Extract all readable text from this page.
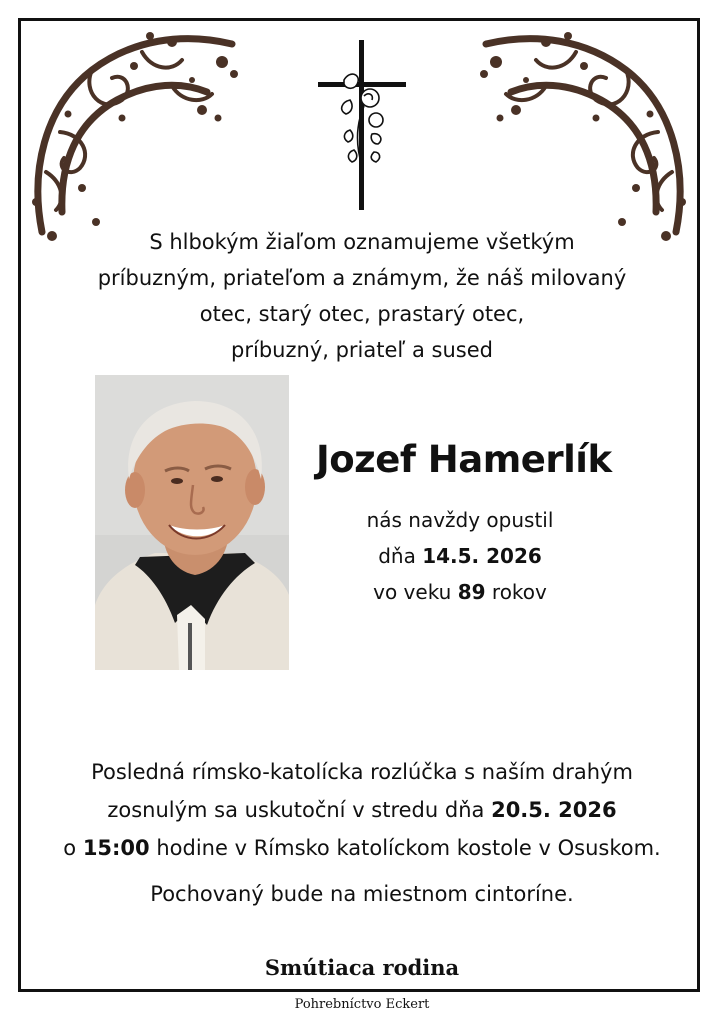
S hlbokým žiaľom oznamujeme všetkým
príbuzným, priateľom a známym, že náš milovaný
otec, starý otec, prastarý otec,
príbuzný, priateľ a sused
Jozef Hamerlík
nás navždy opustil
dňa 14.5. 2026
vo veku 89 rokov
Posledná rímsko-katolícka rozlúčka s naším drahým
zosnulým sa uskutoční v stredu dňa 20.5. 2026
o 15:00 hodine v Rímsko katolíckom kostole v Osuskom.
Pochovaný bude na miestnom cintoríne.
Smútiaca rodina
Pohrebníctvo Eckert
